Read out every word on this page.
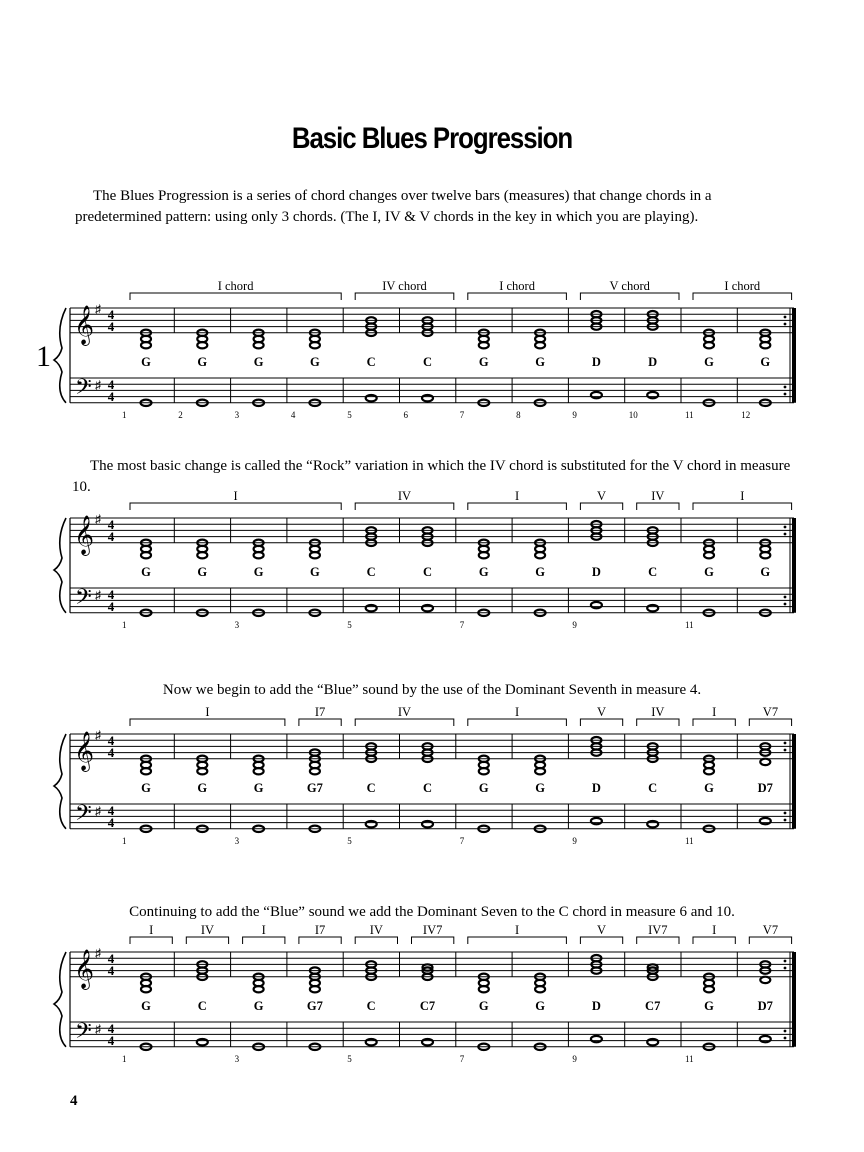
Basic Blues Progression
The Blues Progression is a series of chord changes over twelve bars (measures) that change chords in a predetermined pattern: using only 3 chords. (The I, IV & V chords in the key in which you are playing).
1
I chord	IV chord	I chord	V chord	I chord
𝄞
𝄢
♯
♯
4
4
4
4
G	G	G	G	C	C	G	G	D	D	G	G
1	2	3	4	5	6	7	8	9	10	11	12
The most basic change is called the “Rock” variation in which the IV chord is substituted for the V chord in measure 10.
I	IV	I	V	IV	I
𝄞
𝄢
♯
♯
4
4
4
4
G	G	G	G	C	C	G	G	D	C	G	G
1	3	5	7	9	11
Now we begin to add the “Blue” sound by the use of the Dominant Seventh in measure 4.
I	I7	IV	I	V	IV	I	V7
𝄞
𝄢
♯
♯
4
4
4
4
G	G	G	G7	C	C	G	G	D	C	G	D7
1	3	5	7	9	11
Continuing to add the “Blue” sound we add the Dominant Seven to the C chord in measure 6 and 10.
I	IV	I	I7	IV	IV7	I	V	IV7	I	V7
𝄞
𝄢
♯
♯
4
4
4
4
G	C	G	G7	C	C7	G	G	D	C7	G	D7
1	3	5	7	9	11
4
